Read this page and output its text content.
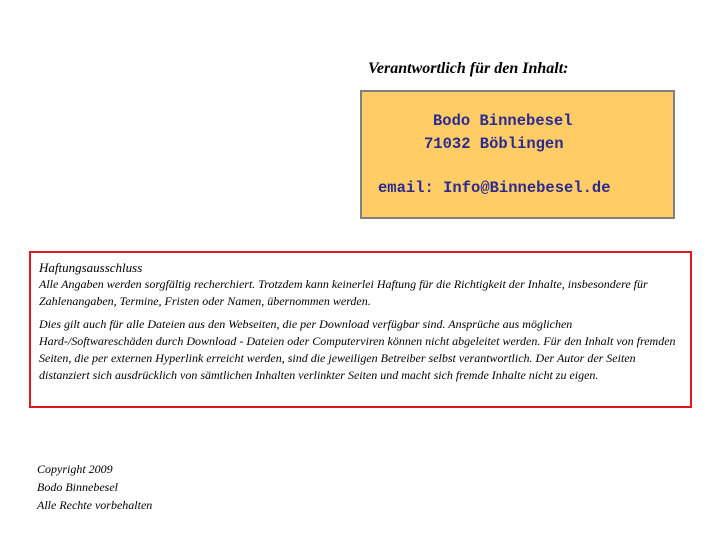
Verantwortlich für den Inhalt:
Bodo Binnebesel
71032 Böblingen
email: Info@Binnebesel.de
Haftungsausschluss

Alle Angaben werden sorgfältig recherchiert. Trotzdem kann keinerlei Haftung für die Richtigkeit der Inhalte, insbesondere für Zahlenangaben, Termine, Fristen oder Namen, übernommen werden.

Dies gilt auch für alle Dateien aus den Webseiten, die per Download verfügbar sind. Ansprüche aus möglichen Hard-/Softwareschäden durch Download - Dateien oder Computerviren können nicht abgeleitet werden. Für den Inhalt von fremden Seiten, die per externen Hyperlink erreicht werden, sind die jeweiligen Betreiber selbst verantwortlich. Der Autor der Seiten distanziert sich ausdrücklich von sämtlichen Inhalten verlinkter Seiten und macht sich fremde Inhalte nicht zu eigen.

Copyright 2009
Bodo Binnebesel
Alle Rechte vorbehalten
